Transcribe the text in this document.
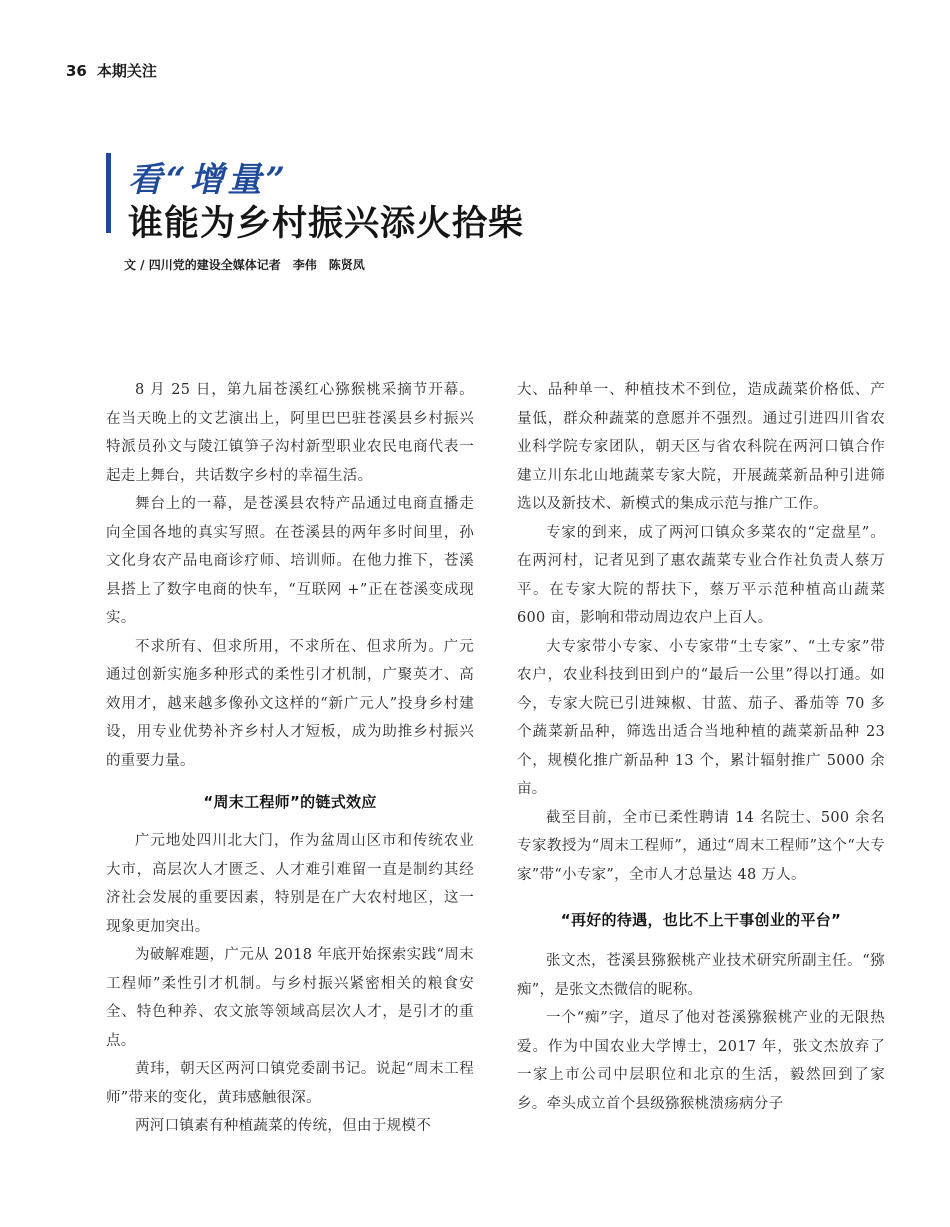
36 本期关注
看“增量”
谁能为乡村振兴添火拾柴
文 / 四川党的建设全媒体记者　李伟　陈贤凤

8 月 25 日，第九届苍溪红心猕猴桃采摘节开幕。在当天晚上的文艺演出上，阿里巴巴驻苍溪县乡村振兴特派员孙文与陵江镇笋子沟村新型职业农民电商代表一起走上舞台，共话数字乡村的幸福生活。

舞台上的一幕，是苍溪县农特产品通过电商直播走向全国各地的真实写照。在苍溪县的两年多时间里，孙文化身农产品电商诊疗师、培训师。在他力推下，苍溪县搭上了数字电商的快车，“互联网 +”正在苍溪变成现实。

不求所有、但求所用，不求所在、但求所为。广元通过创新实施多种形式的柔性引才机制，广聚英才、高效用才，越来越多像孙文这样的“新广元人”投身乡村建设，用专业优势补齐乡村人才短板，成为助推乡村振兴的重要力量。

“周末工程师”的链式效应

广元地处四川北大门，作为盆周山区市和传统农业大市，高层次人才匮乏、人才难引难留一直是制约其经济社会发展的重要因素，特别是在广大农村地区，这一现象更加突出。

为破解难题，广元从 2018 年底开始探索实践“周末工程师”柔性引才机制。与乡村振兴紧密相关的粮食安全、特色种养、农文旅等领域高层次人才，是引才的重点。

黄玮，朝天区两河口镇党委副书记。说起“周末工程师”带来的变化，黄玮感触很深。

两河口镇素有种植蔬菜的传统，但由于规模不

大、品种单一、种植技术不到位，造成蔬菜价格低、产量低，群众种蔬菜的意愿并不强烈。通过引进四川省农业科学院专家团队，朝天区与省农科院在两河口镇合作建立川东北山地蔬菜专家大院，开展蔬菜新品种引进筛选以及新技术、新模式的集成示范与推广工作。

专家的到来，成了两河口镇众多菜农的“定盘星”。在两河村，记者见到了惠农蔬菜专业合作社负责人蔡万平。在专家大院的帮扶下，蔡万平示范种植高山蔬菜 600 亩，影响和带动周边农户上百人。

大专家带小专家、小专家带“土专家”、“土专家”带农户，农业科技到田到户的“最后一公里”得以打通。如今，专家大院已引进辣椒、甘蓝、茄子、番茄等 70 多个蔬菜新品种，筛选出适合当地种植的蔬菜新品种 23 个，规模化推广新品种 13 个，累计辐射推广 5000 余亩。

截至目前，全市已柔性聘请 14 名院士、500 余名专家教授为“周末工程师”，通过“周末工程师”这个“大专家”带“小专家”，全市人才总量达 48 万人。

“再好的待遇，也比不上干事创业的平台”

张文杰，苍溪县猕猴桃产业技术研究所副主任。“猕痴”，是张文杰微信的昵称。

一个“痴”字，道尽了他对苍溪猕猴桃产业的无限热爱。作为中国农业大学博士，2017 年，张文杰放弃了一家上市公司中层职位和北京的生活，毅然回到了家乡。牵头成立首个县级猕猴桃溃疡病分子
